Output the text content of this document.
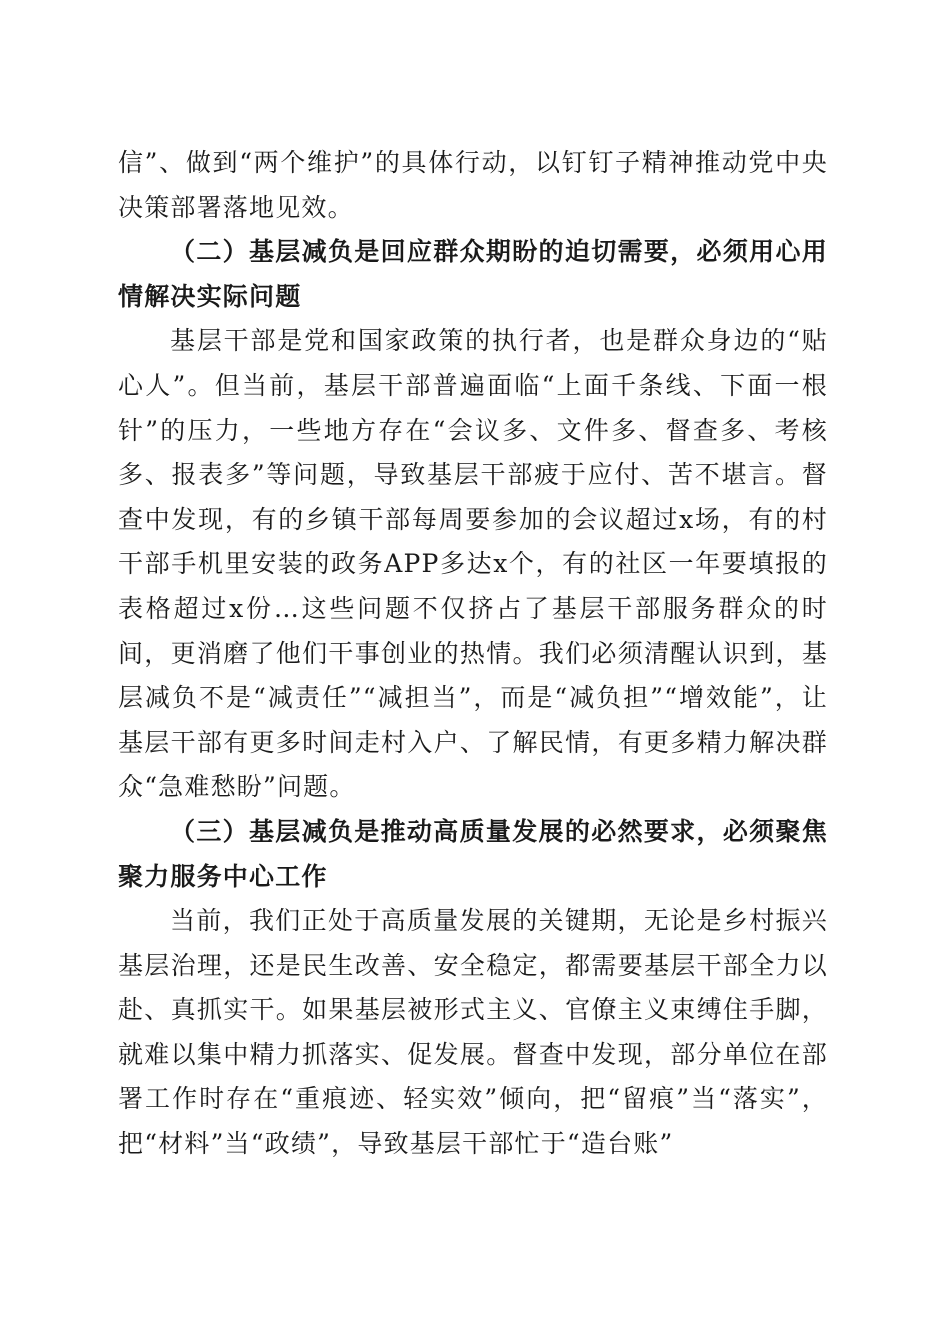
信”、做到“两个维护”的具体行动，以钉钉子精神推动党中央决策部署落地见效。

（二）基层减负是回应群众期盼的迫切需要，必须用心用情解决实际问题

基层干部是党和国家政策的执行者，也是群众身边的“贴心人”。但当前，基层干部普遍面临“上面千条线、下面一根针”的压力，一些地方存在“会议多、文件多、督查多、考核多、报表多”等问题，导致基层干部疲于应付、苦不堪言。督查中发现，有的乡镇干部每周要参加的会议超过x场，有的村干部手机里安装的政务APP多达x个，有的社区一年要填报的表格超过x份…这些问题不仅挤占了基层干部服务群众的时间，更消磨了他们干事创业的热情。我们必须清醒认识到，基层减负不是“减责任”“减担当”，而是“减负担”“增效能”，让基层干部有更多时间走村入户、了解民情，有更多精力解决群众“急难愁盼”问题。

（三）基层减负是推动高质量发展的必然要求，必须聚焦聚力服务中心工作

当前，我们正处于高质量发展的关键期，无论是乡村振兴基层治理，还是民生改善、安全稳定，都需要基层干部全力以赴、真抓实干。如果基层被形式主义、官僚主义束缚住手脚，就难以集中精力抓落实、促发展。督查中发现，部分单位在部署工作时存在“重痕迹、轻实效”倾向，把“留痕”当“落实”，把“材料”当“政绩”，导致基层干部忙于“造台账”
